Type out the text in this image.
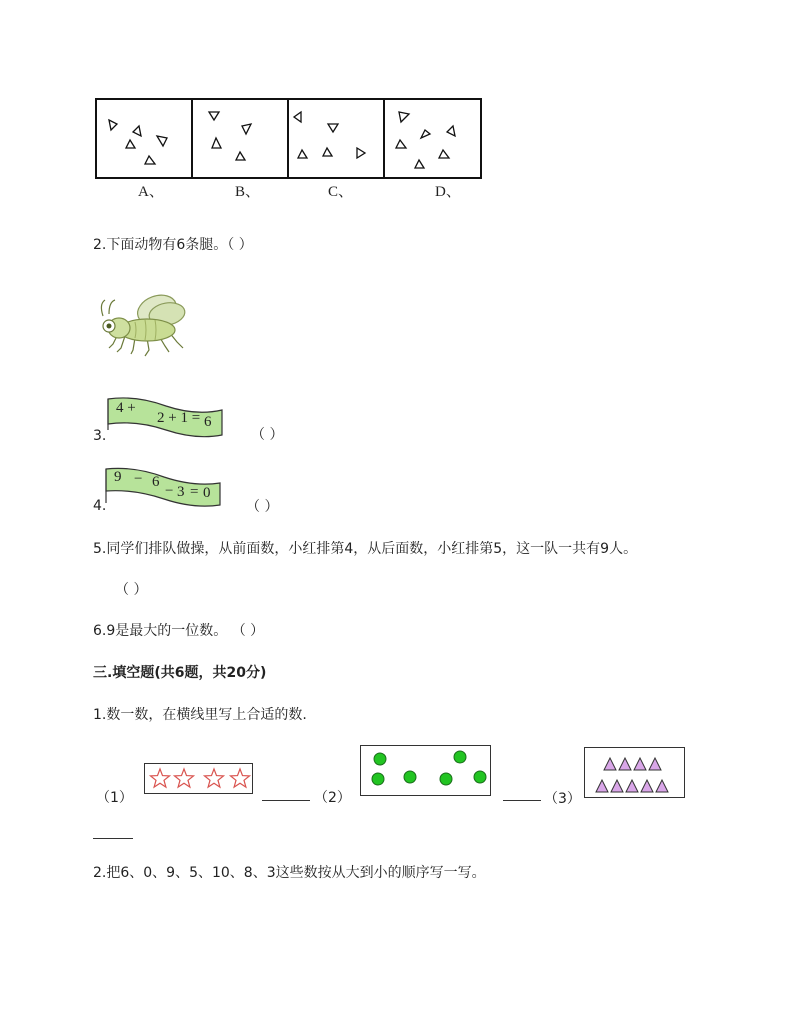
A、	B、	C、	D、
2.下面动物有6条腿。（ ）
3.
4 +
2 + 1 = 6
（ ）
4.
9 − 6
− 3 = 0
（ ）
5.同学们排队做操，从前面数，小红排第4，从后面数，小红排第5，这一队一共有9人。
（ ）
6.9是最大的一位数。 （ ）
三.填空题(共6题，共20分)
1.数一数，在横线里写上合适的数.
（1）	（2）	（3）
2.把6、0、9、5、10、8、3这些数按从大到小的顺序写一写。
